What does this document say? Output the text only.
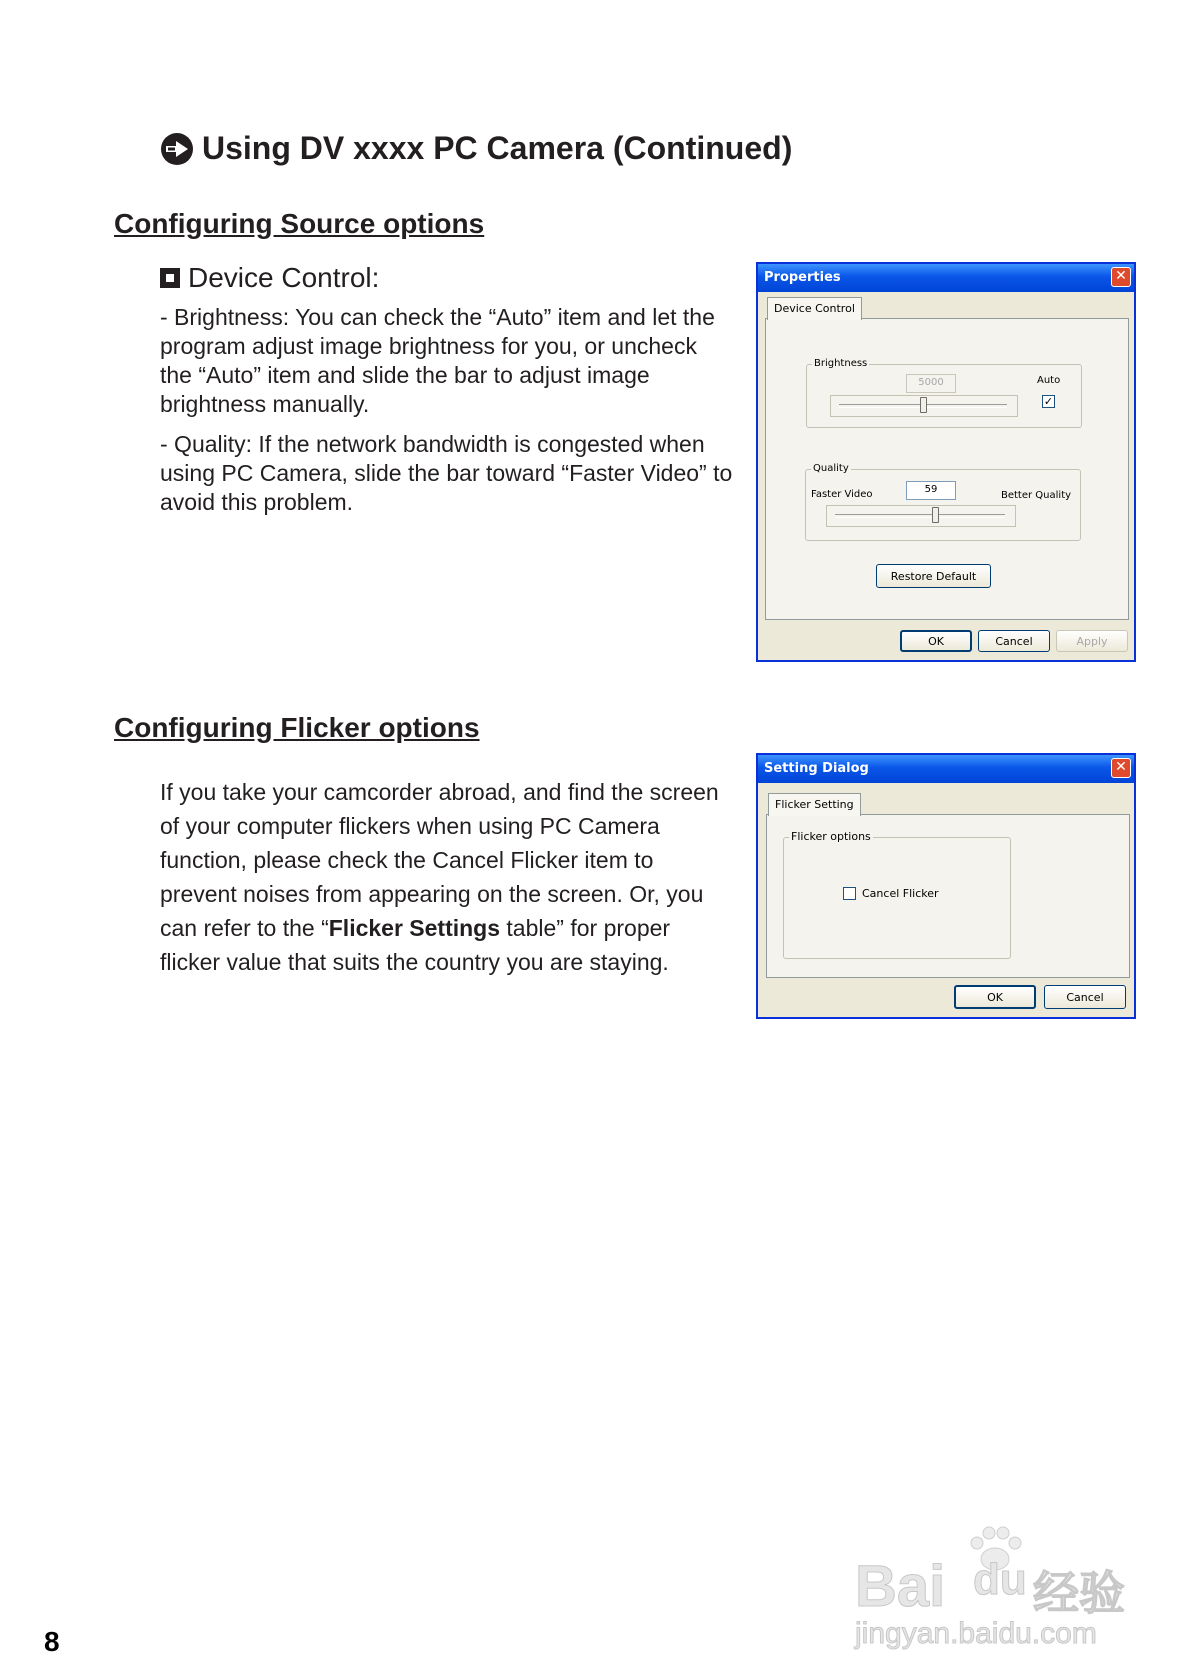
Using DV xxxx PC Camera (Continued)
Configuring Source options
Device Control:

- Brightness: You can check the “Auto” item and let the program adjust image brightness for you, or uncheck the “Auto” item and slide the bar to adjust image brightness manually.

- Quality: If the network bandwidth is congested when using PC Camera, slide the bar toward “Faster Video” to avoid this problem.

Properties	✕
Device Control
Brightness
5000	Auto
✓
Quality
59
Faster Video	Better Quality
Restore Default
OK	Cancel	Apply
Configuring Flicker options

If you take your camcorder abroad, and find the screen of your computer flickers when using PC Camera function, please check the Cancel Flicker item to prevent noises from appearing on the screen. Or, you can refer to the “Flicker Settings table” for proper flicker value that suits the country you are staying.

Setting Dialog	✕
Flicker Setting
Flicker options
Cancel Flicker
OK	Cancel
8
Bai du 经验
jingyan.baidu.com
